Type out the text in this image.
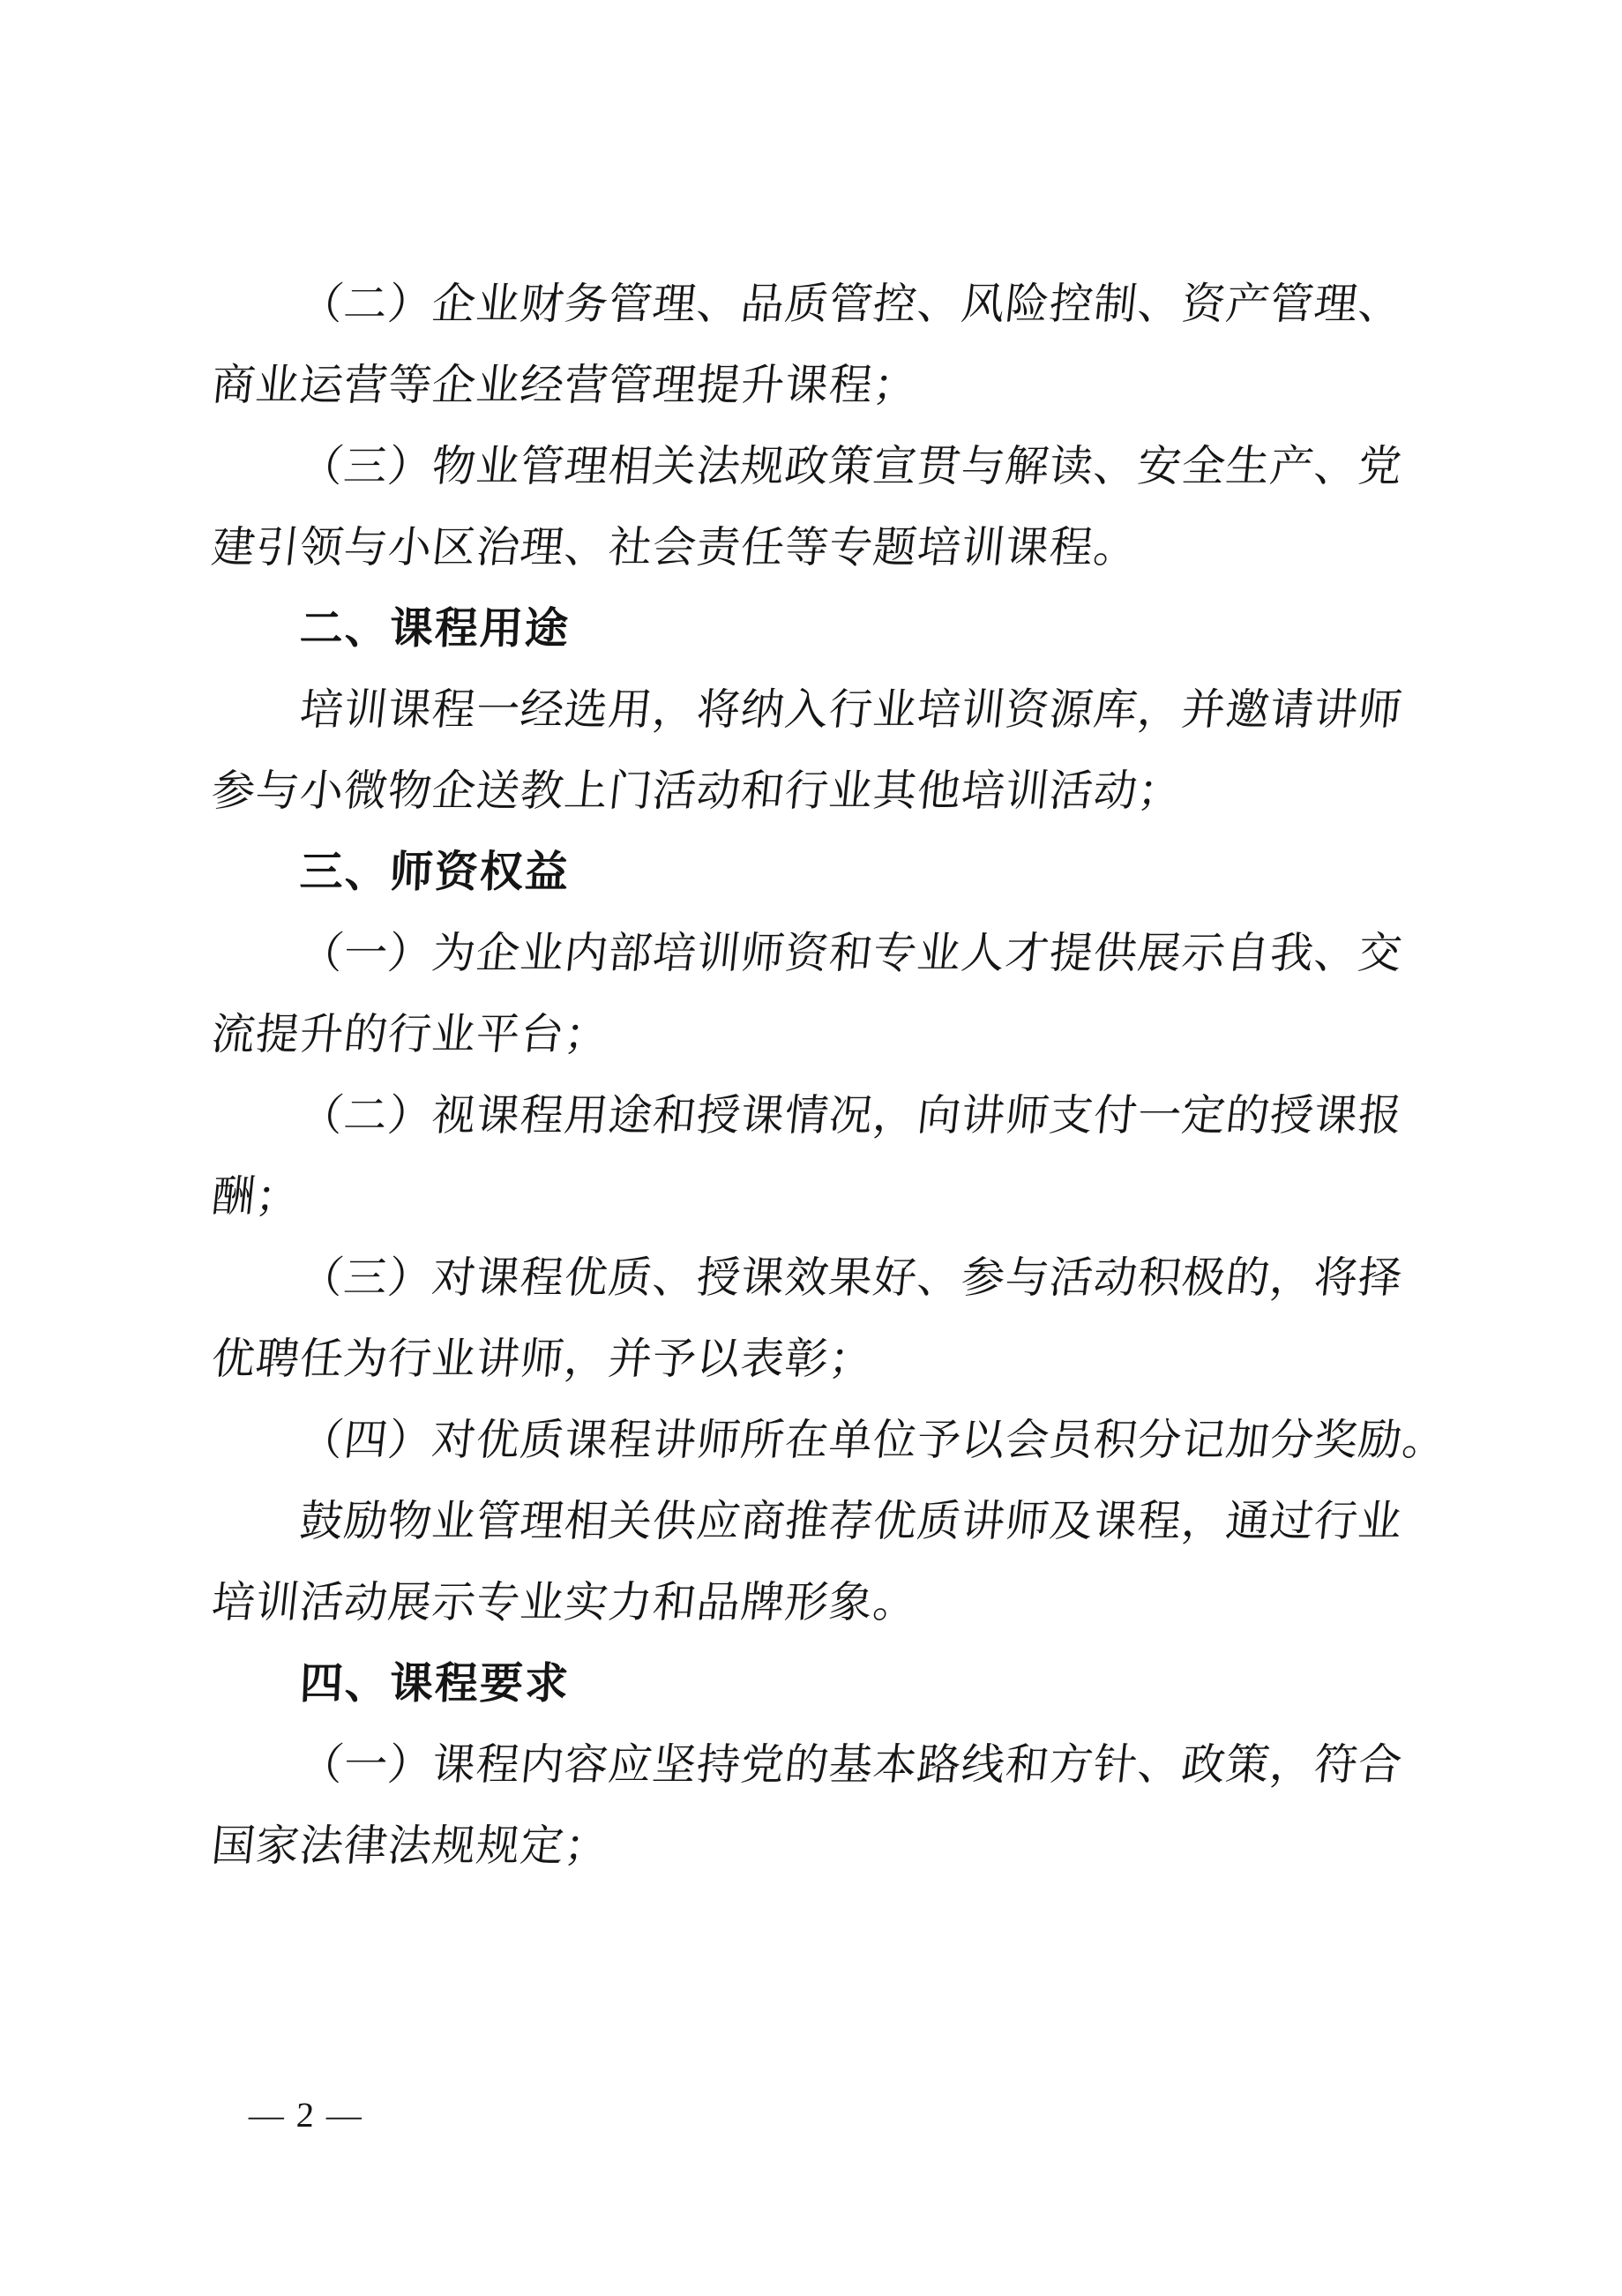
（二）企业财务管理、品质管控、风险控制、资产管理、
商业运营等企业经营管理提升课程；
（三）物业管理相关法规政策宣贯与解读、安全生产、党
建引领与小区治理、社会责任等专题培训课程。
二、课程用途
培训课程一经选用，将纳入行业培训资源库，并邀请讲师
参与小微物企送教上门活动和行业其他培训活动；
三、师资权益
（一）为企业内部培训师资和专业人才提供展示自我、交
流提升的行业平台；
（二）视课程用途和授课情况，向讲师支付一定的授课报
酬；
（三）对课程优质、授课效果好、参与活动积极的，将择
优聘任为行业讲师，并予以表彰；
（四）对优质课程讲师所在单位予以会员积分记加分奖励。
鼓励物业管理相关供应商推荐优质讲师及课程，通过行业
培训活动展示专业实力和品牌形象。
四、课程要求
（一）课程内容应坚持党的基本路线和方针、政策，符合
国家法律法规规定；
— 2 —
